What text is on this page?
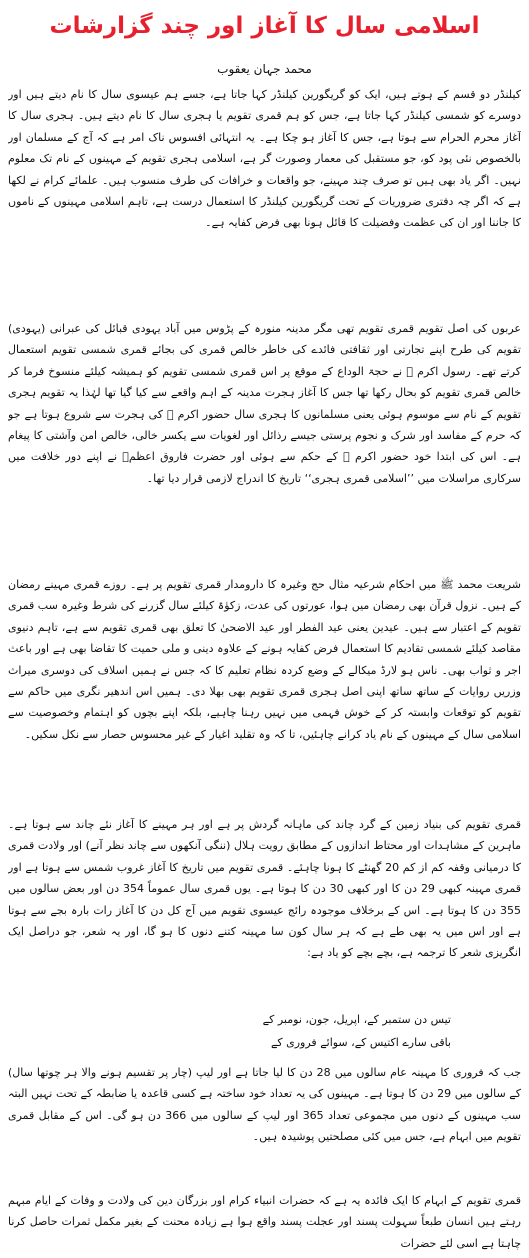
اسلامی سال کا آغاز اور چند گزارشات
محمد جہان یعقوب

کیلنڈر دو قسم کے ہوتے ہیں، ایک کو گریگورین کیلنڈر کہا جاتا ہے، جسے ہم عیسوی سال کا نام دیتے ہیں اور دوسرے کو شمسی کیلنڈر کہا جاتا ہے، جس کو ہم قمری تقویم یا ہجری سال کا نام دیتے ہیں۔ ہجری سال کا آغاز محرم الحرام سے ہوتا ہے، جس کا آغاز ہو چکا ہے۔ یہ انتہائی افسوس ناک امر ہے کہ آج کے مسلمان اور بالخصوص نئی پود کو، جو مستقبل کی معمار وصورت گر ہے، اسلامی ہجری تقویم کے مہینوں کے نام تک معلوم نہیں۔ اگر یاد بھی ہیں تو صرف چند مہینے، جو واقعات و خرافات کی طرف منسوب ہیں۔ علمائے کرام نے لکھا ہے کہ اگر چہ دفتری ضروریات کے تحت گریگورین کیلنڈر کا استعمال درست ہے، تاہم اسلامی مہینوں کے ناموں کا جاننا اور ان کی عظمت وفضیلت کا قائل ہونا بھی فرض کفایہ ہے۔

عربوں کی اصل تقویم قمری تقویم تھی مگر مدینہ منورہ کے پڑوس میں آباد یہودی قبائل کی عبرانی (یہودی) تقویم کی طرح اپنے تجارتی اور ثقافتی فائدے کی خاطر خالص قمری کی بجائے قمری شمسی تقویم استعمال کرتے تھے۔ رسول اکرم ﷺ نے حجۃ الوداع کے موقع پر اس قمری شمسی تقویم کو ہمیشہ کیلئے منسوخ فرما کر خالص قمری تقویم کو بحال رکھا تھا جس کا آغاز ہجرت مدینہ کے اہم واقعے سے کیا گیا تھا لہٰذا یہ تقویم ہجری تقویم کے نام سے موسوم ہوئی یعنی مسلمانوں کا ہجری سال حضور اکرم ﷺ کی ہجرت سے شروع ہوتا ہے جو کہ حرم کے مفاسد اور شرک و نجوم پرستی جیسے رذائل اور لغویات سے یکسر خالی، خالص امن وآشتی کا پیغام ہے۔ اس کی ابتدا خود حضور اکرم ﷺ کے حکم سے ہوئی اور حضرت فاروق اعظمؓ نے اپنے دور خلافت میں سرکاری مراسلات میں ’’اسلامی قمری ہجری‘‘ تاریخ کا اندراج لازمی قرار دیا تھا۔

شریعت محمد ﷺ میں احکام شرعیہ مثال حج وغیرہ کا دارومدار قمری تقویم پر ہے۔ روزے قمری مہینے رمضان کے ہیں۔ نزول قرآن بھی رمضان میں ہوا، عورتوں کی عدت، زکوٰۃ کیلئے سال گزرنے کی شرط وغیرہ سب قمری تقویم کے اعتبار سے ہیں۔ عیدین یعنی عید الفطر اور عید الاضحیٰ کا تعلق بھی قمری تقویم سے ہے، تاہم دنیوی مقاصد کیلئے شمسی تقادیم کا استعمال فرض کفایہ ہونے کے علاوہ دینی و ملی حمیت کا تقاضا بھی ہے اور باعث اجر و ثواب بھی۔ ناس ہو لارڈ میکالے کے وضع کردہ نظام تعلیم کا کہ جس نے ہمیں اسلاف کی دوسری میراث وزریں روایات کے ساتھ ساتھ اپنی اصل ہجری قمری تقویم بھی بھلا دی۔ ہمیں اس اندھیر نگری میں حاکم سے تقویم کو توقعات وابستہ کر کے خوش فہمی میں نہیں رہنا چاہیے، بلکہ اپنے بچوں کو اہتمام وخصوصیت سے اسلامی سال کے مہینوں کے نام یاد کرانے چاہئیں، تا کہ وہ تقلید اغیار کے غیر محسوس حصار سے نکل سکیں۔

قمری تقویم کی بنیاد زمین کے گرد چاند کی ماہانہ گردش پر ہے اور ہر مہینے کا آغاز نئے چاند سے ہوتا ہے۔ ماہرین کے مشاہدات اور محتاط اندازوں کے مطابق رویت ہلال (ننگی آنکھوں سے چاند نظر آنے) اور ولادت قمری کا درمیانی وقفہ کم از کم 20 گھنٹے کا ہونا چاہئے۔ قمری تقویم میں تاریخ کا آغاز غروب شمس سے ہوتا ہے اور قمری مہینہ کبھی 29 دن کا اور کبھی 30 دن کا ہوتا ہے۔ یوں قمری سال عموماً 354 دن اور بعض سالوں میں 355 دن کا ہوتا ہے۔ اس کے برخلاف موجودہ رائج عیسوی تقویم میں آج کل دن کا آغاز رات بارہ بجے سے ہوتا ہے اور اس میں یہ بھی طے ہے کہ ہر سال کون سا مہینہ کتنے دنوں کا ہو گا، اور یہ شعر، جو دراصل ایک انگریزی شعر کا ترجمہ ہے، بچے بچے کو یاد ہے:

تیس دن ستمبر کے، اپریل، جون، نومبر کے
باقی سارے اکتیس کے، سوائے فروری کے

جب کہ فروری کا مہینہ عام سالوں میں 28 دن کا لیا جاتا ہے اور لیپ (چار پر تقسیم ہونے والا ہر چوتھا سال) کے سالوں میں 29 دن کا ہوتا ہے۔ مہینوں کی یہ تعداد خود ساختہ ہے کسی قاعدہ یا ضابطہ کے تحت نہیں البتہ سب مہینوں کے دنوں میں مجموعی تعداد 365 اور لیپ کے سالوں میں 366 دن ہو گی۔ اس کے مقابل قمری تقویم میں ابہام ہے، جس میں کئی مصلحتیں پوشیدہ ہیں۔

قمری تقویم کے ابہام کا ایک فائدہ یہ ہے کہ حضرات انبیاء کرام اور بزرگان دین کی ولادت و وفات کے ایام مبہم رہتے ہیں انسان طبعاً سہولت پسند اور عجلت پسند واقع ہوا ہے زیادہ محنت کے بغیر مکمل ثمرات حاصل کرنا چاہتا ہے اسی لئے حضرات
